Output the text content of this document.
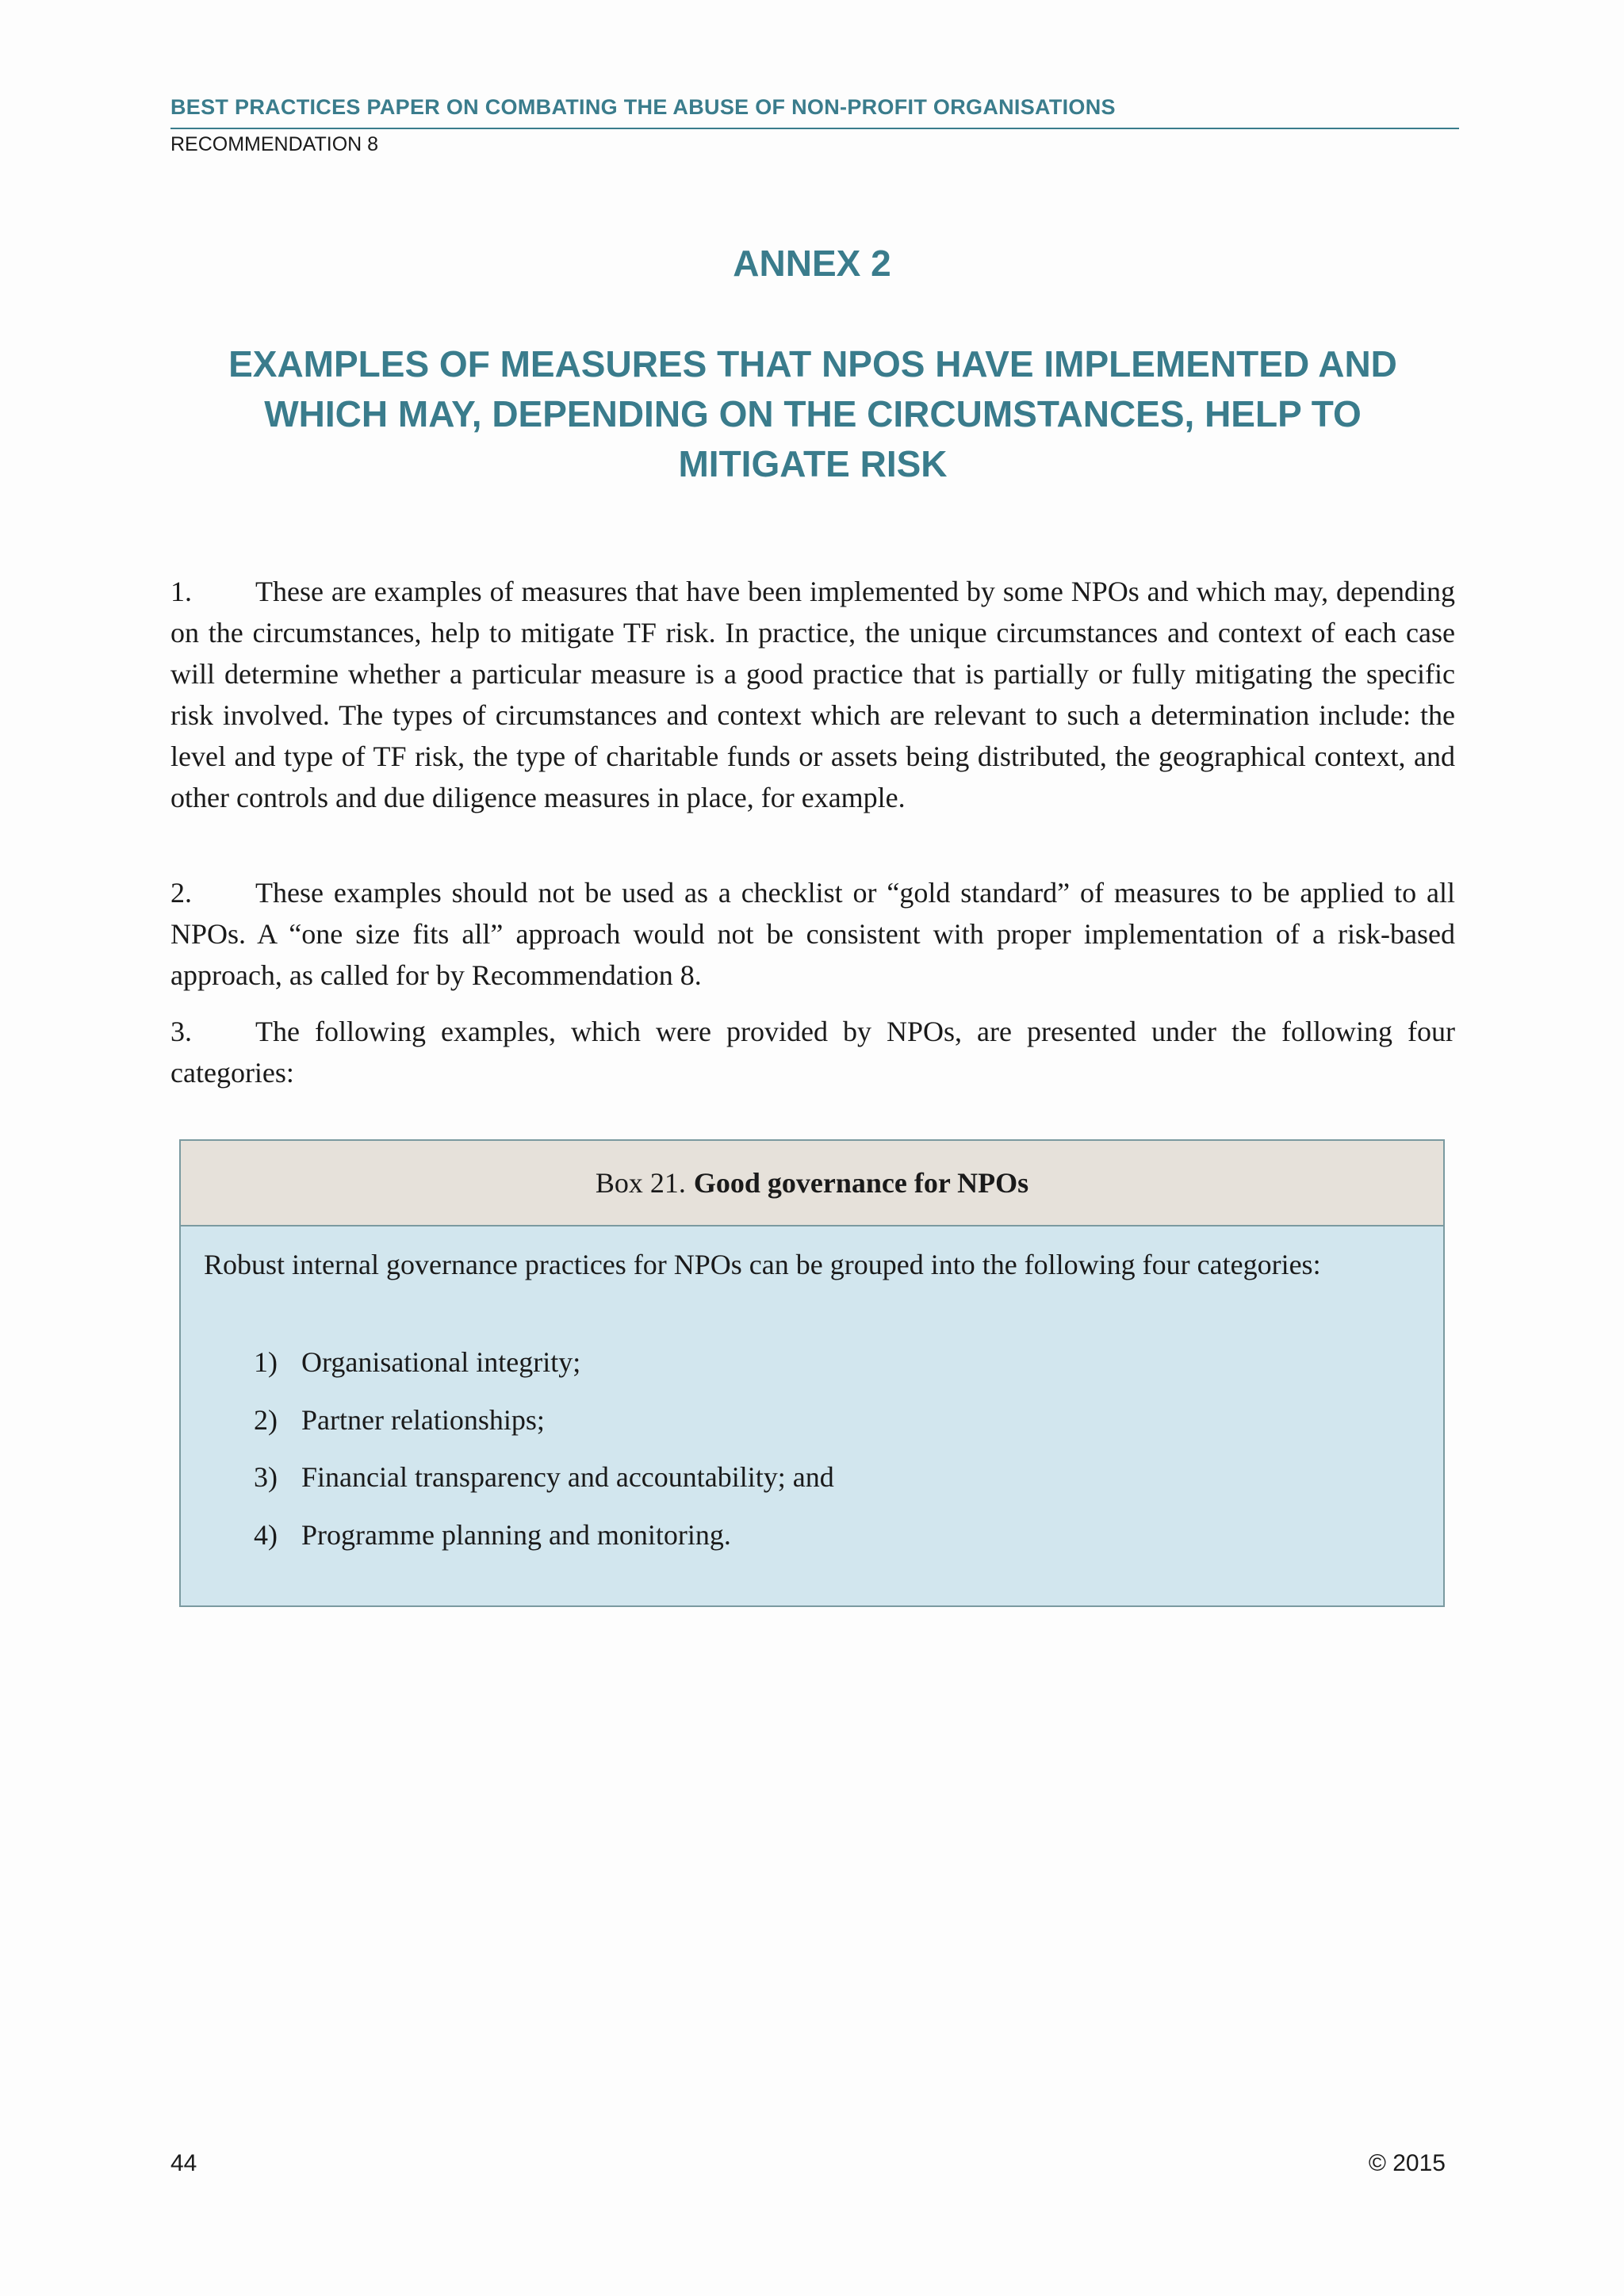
BEST PRACTICES PAPER ON COMBATING THE ABUSE OF NON-PROFIT ORGANISATIONS
RECOMMENDATION 8
ANNEX 2
EXAMPLES OF MEASURES THAT NPOS HAVE IMPLEMENTED AND WHICH MAY, DEPENDING ON THE CIRCUMSTANCES, HELP TO MITIGATE RISK
1. These are examples of measures that have been implemented by some NPOs and which may, depending on the circumstances, help to mitigate TF risk. In practice, the unique circumstances and context of each case will determine whether a particular measure is a good practice that is partially or fully mitigating the specific risk involved. The types of circumstances and context which are relevant to such a determination include: the level and type of TF risk, the type of charitable funds or assets being distributed, the geographical context, and other controls and due diligence measures in place, for example.
2. These examples should not be used as a checklist or “gold standard” of measures to be applied to all NPOs. A “one size fits all” approach would not be consistent with proper implementation of a risk-based approach, as called for by Recommendation 8.
3. The following examples, which were provided by NPOs, are presented under the following four categories:
Box 21. Good governance for NPOs
Robust internal governance practices for NPOs can be grouped into the following four categories:
1) Organisational integrity;
2) Partner relationships;
3) Financial transparency and accountability; and
4) Programme planning and monitoring.
44	© 2015
